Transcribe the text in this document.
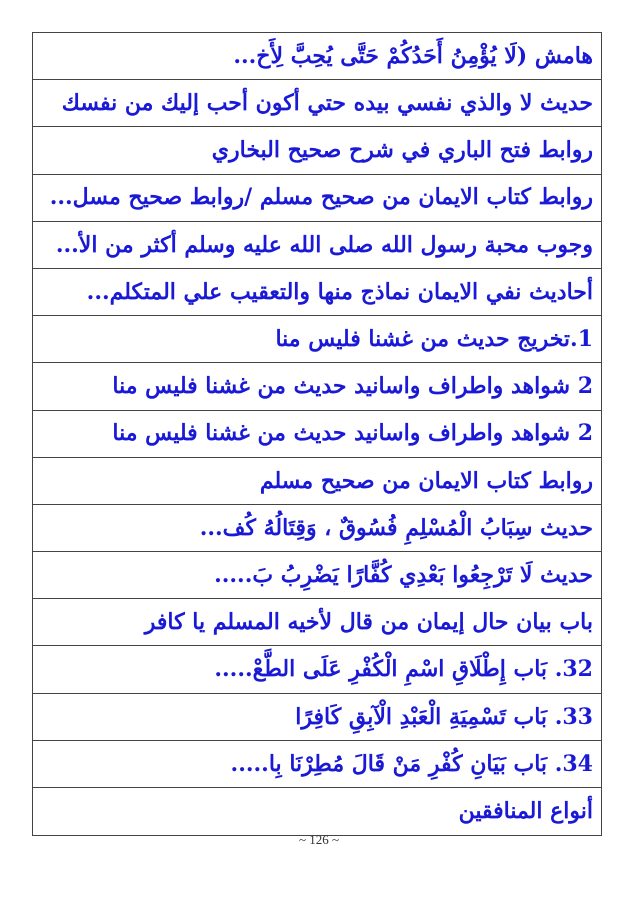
هامش (لَا يُؤْمِنُ أَحَدُكُمْ حَتَّى يُحِبَّ لِأَخ...
حديث لا والذي نفسي بيده حتي أكون أحب إليك من نفسك
روابط فتح الباري في شرح صحيح البخاري
روابط كتاب الايمان من صحيح مسلم /روابط صحيح مسل...
وجوب محبة رسول الله صلى الله عليه وسلم أكثر من الأ...
أحاديث نفي الايمان نماذج منها والتعقيب علي المتكلم...
1.تخريج حديث من غشنا فليس منا
2 شواهد واطراف واسانيد حديث من غشنا فليس منا
2 شواهد واطراف واسانيد حديث من غشنا فليس منا
روابط كتاب الايمان من صحيح مسلم
حديث سِبَابُ الْمُسْلِمِ فُسُوقٌ ، وَقِتَالُهُ كُف...
حديث لَا تَرْجِعُوا بَعْدِي كُفَّارًا يَضْرِبُ بَ.....
باب بيان حال إيمان من قال لأخيه المسلم يا كافر
32. بَاب إِطْلَاقِ اسْمِ الْكُفْرِ عَلَى الطَّعْ.....
33. بَاب تَسْمِيَةِ الْعَبْدِ الْآبِقِ كَافِرًا
34. بَاب بَيَانِ كُفْرِ مَنْ قَالَ مُطِرْنَا بِا.....
أنواع المنافقين
~ 126 ~
